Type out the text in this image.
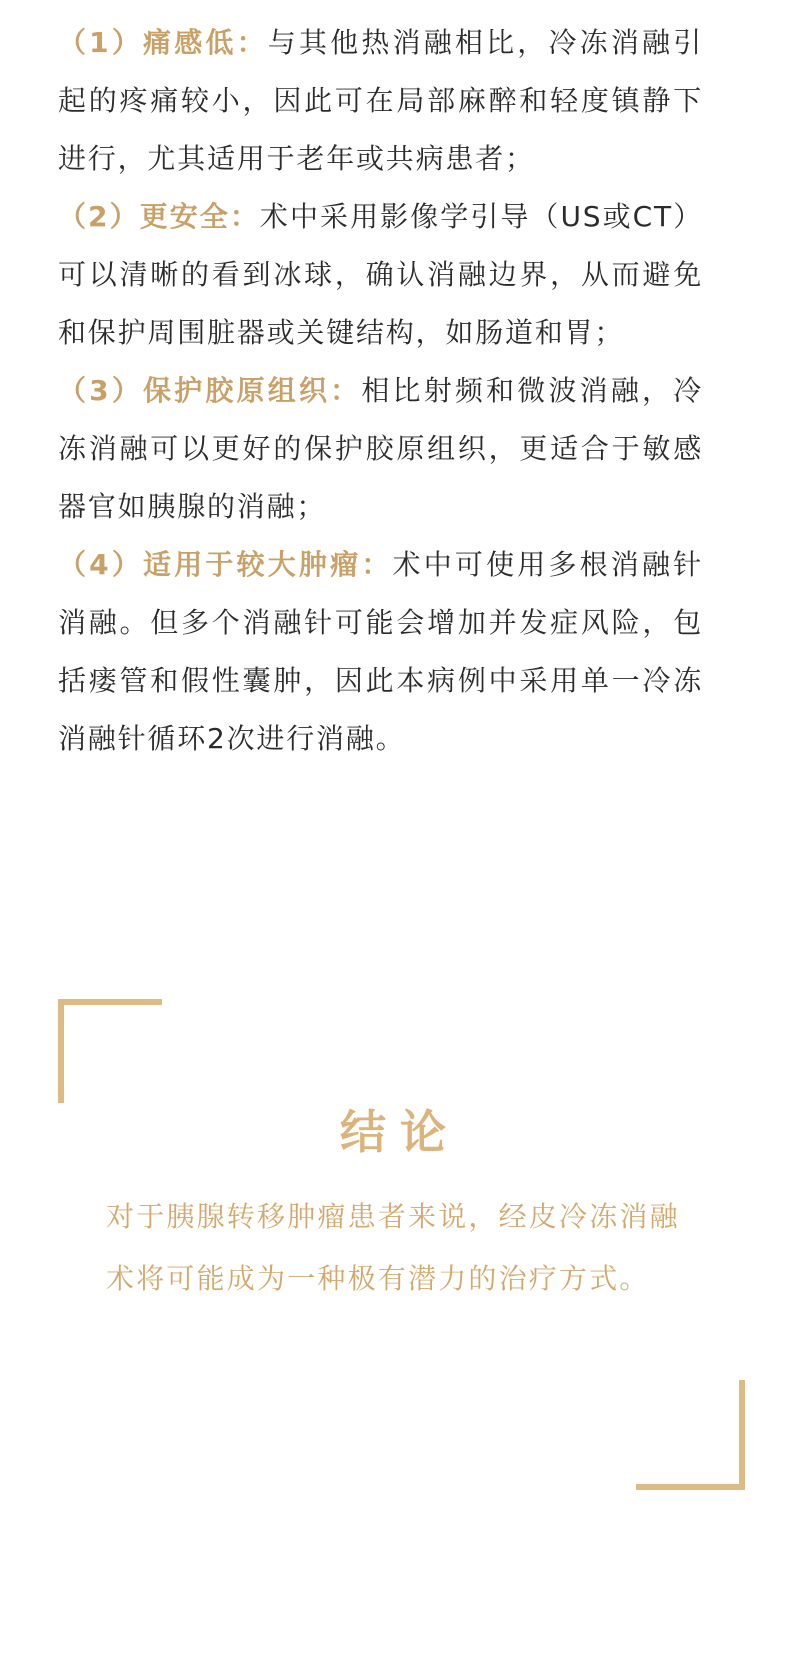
（1）痛感低：与其他热消融相比，冷冻消融引起的疼痛较小，因此可在局部麻醉和轻度镇静下进行，尤其适用于老年或共病患者；

（2）更安全：术中采用影像学引导（US或CT）可以清晰的看到冰球，确认消融边界，从而避免和保护周围脏器或关键结构，如肠道和胃；

（3）保护胶原组织：相比射频和微波消融，冷冻消融可以更好的保护胶原组织，更适合于敏感器官如胰腺的消融；

（4）适用于较大肿瘤：术中可使用多根消融针消融。但多个消融针可能会增加并发症风险，包括瘘管和假性囊肿，因此本病例中采用单一冷冻消融针循环2次进行消融。

结论

对于胰腺转移肿瘤患者来说，经皮冷冻消融术将可能成为一种极有潜力的治疗方式。
